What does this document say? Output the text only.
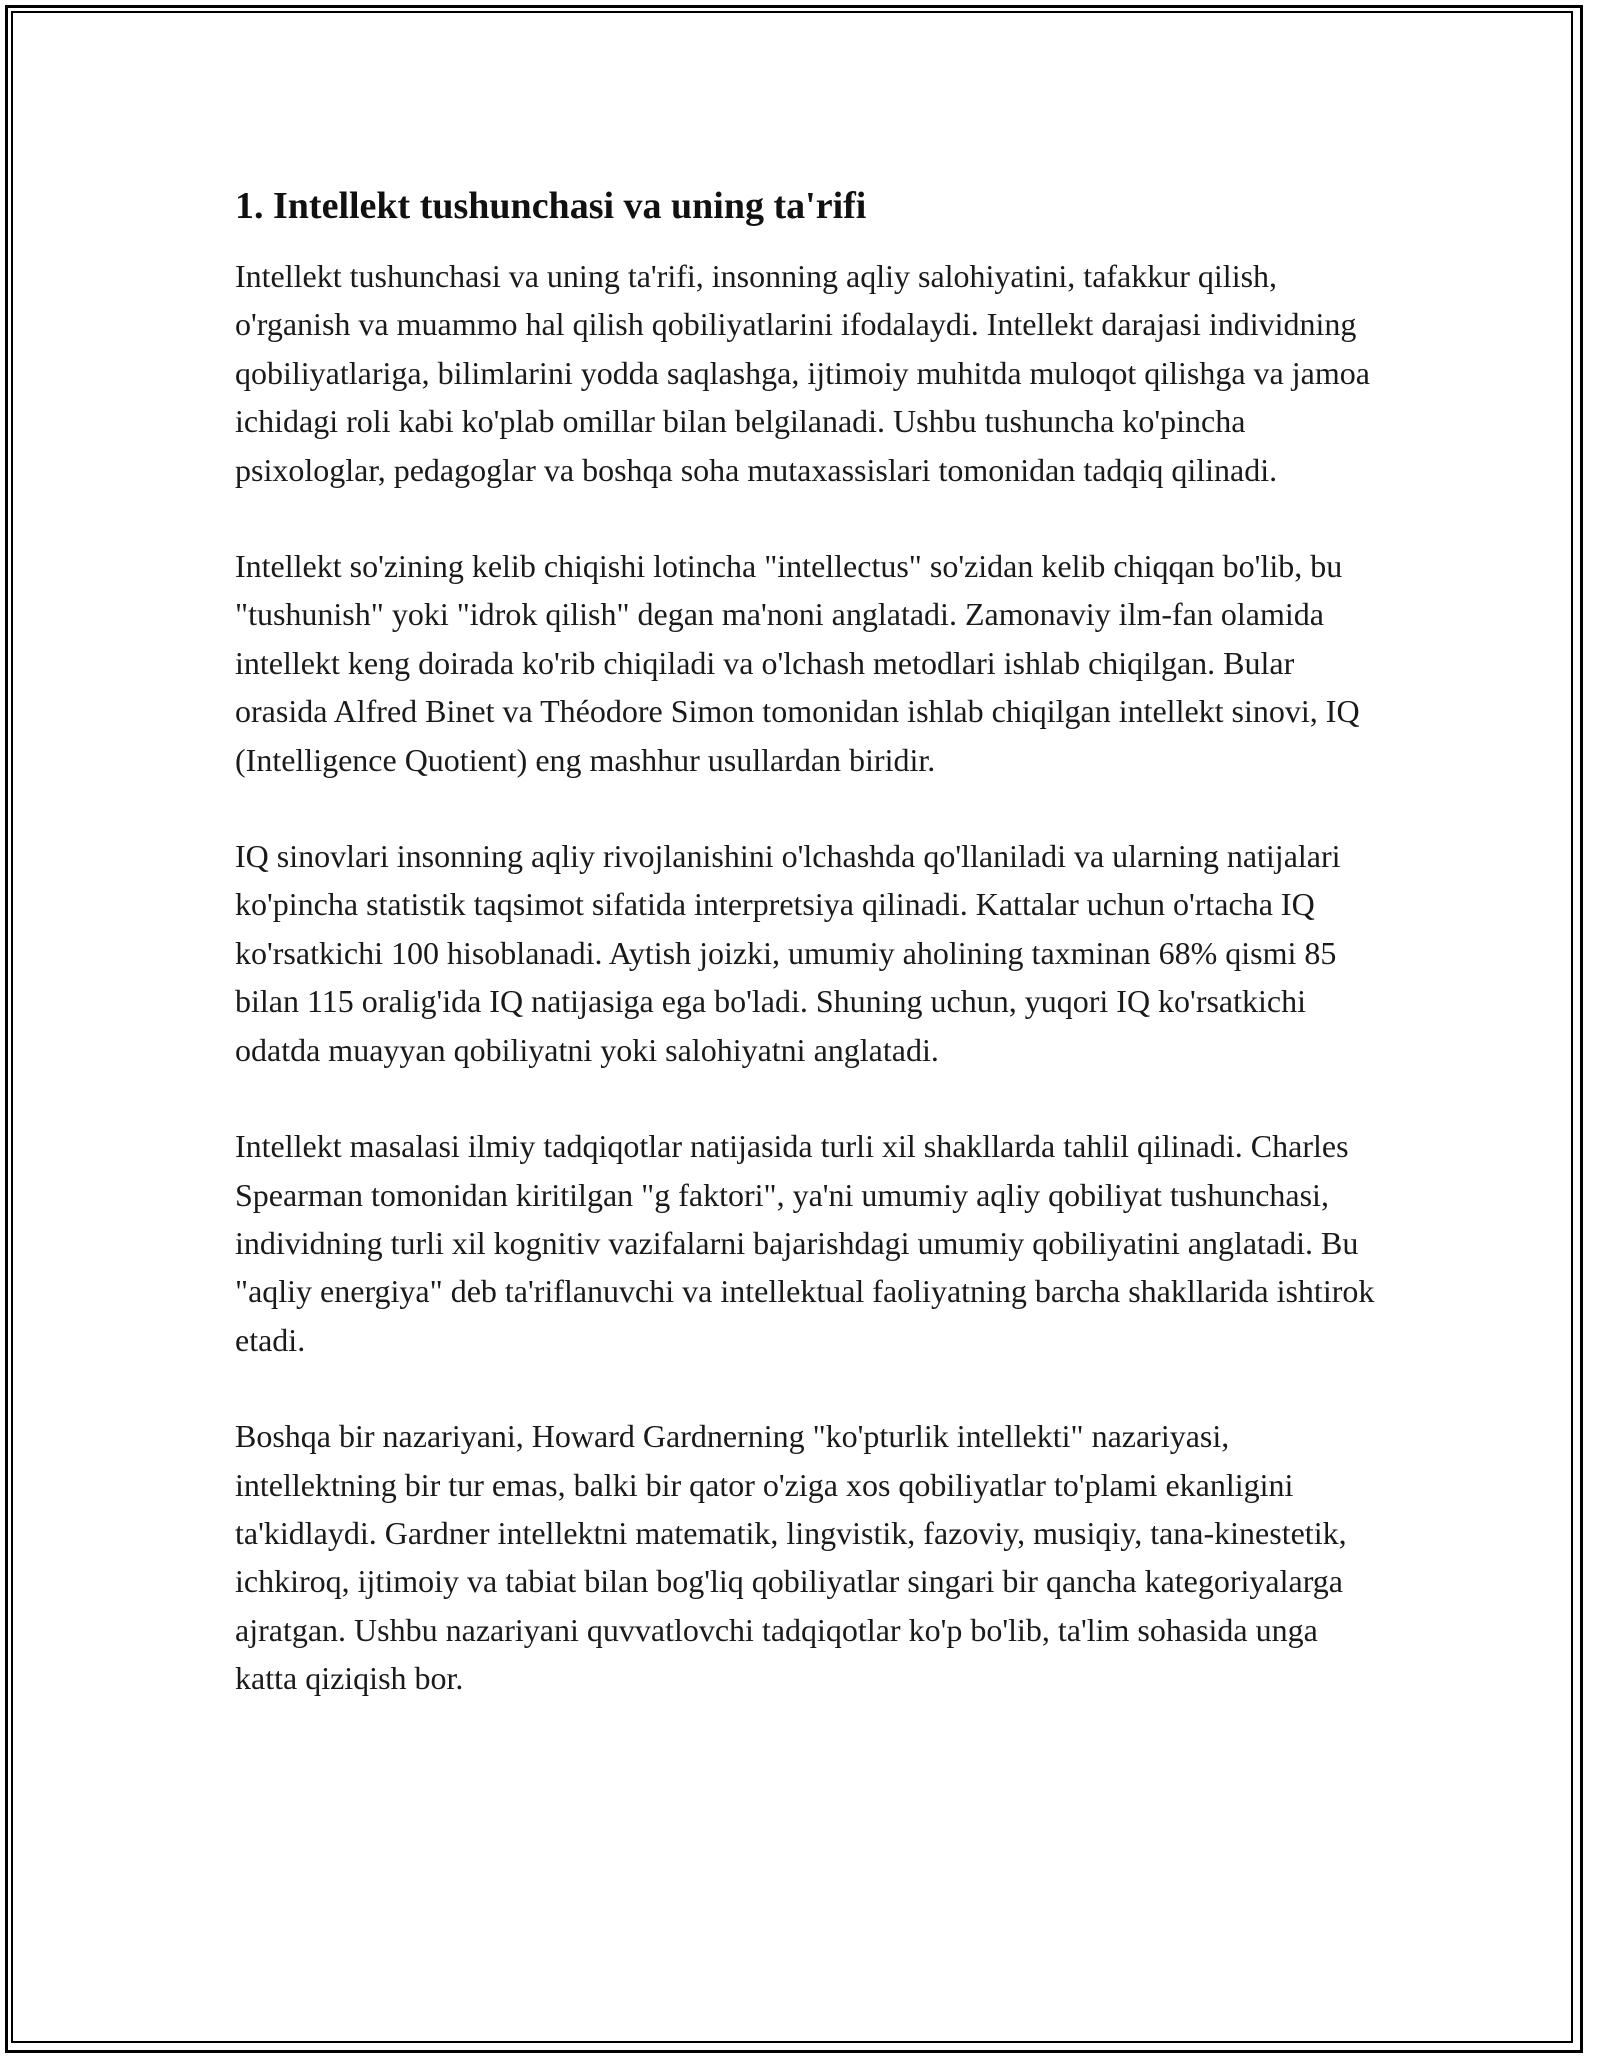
1. Intellekt tushunchasi va uning ta'rifi

Intellekt tushunchasi va uning ta'rifi, insonning aqliy salohiyatini, tafakkur qilish, o'rganish va muammo hal qilish qobiliyatlarini ifodalaydi. Intellekt darajasi individning qobiliyatlariga, bilimlarini yodda saqlashga, ijtimoiy muhitda muloqot qilishga va jamoa ichidagi roli kabi ko'plab omillar bilan belgilanadi. Ushbu tushuncha ko'pincha psixologlar, pedagoglar va boshqa soha mutaxassislari tomonidan tadqiq qilinadi.

Intellekt so'zining kelib chiqishi lotincha "intellectus" so'zidan kelib chiqqan bo'lib, bu "tushunish" yoki "idrok qilish" degan ma'noni anglatadi. Zamonaviy ilm-fan olamida intellekt keng doirada ko'rib chiqiladi va o'lchash metodlari ishlab chiqilgan. Bular orasida Alfred Binet va Théodore Simon tomonidan ishlab chiqilgan intellekt sinovi, IQ (Intelligence Quotient) eng mashhur usullardan biridir.

IQ sinovlari insonning aqliy rivojlanishini o'lchashda qo'llaniladi va ularning natijalari ko'pincha statistik taqsimot sifatida interpretsiya qilinadi. Kattalar uchun o'rtacha IQ ko'rsatkichi 100 hisoblanadi. Aytish joizki, umumiy aholining taxminan 68% qismi 85 bilan 115 oralig'ida IQ natijasiga ega bo'ladi. Shuning uchun, yuqori IQ ko'rsatkichi odatda muayyan qobiliyatni yoki salohiyatni anglatadi.

Intellekt masalasi ilmiy tadqiqotlar natijasida turli xil shakllarda tahlil qilinadi. Charles Spearman tomonidan kiritilgan "g faktori", ya'ni umumiy aqliy qobiliyat tushunchasi, individning turli xil kognitiv vazifalarni bajarishdagi umumiy qobiliyatini anglatadi. Bu "aqliy energiya" deb ta'riflanuvchi va intellektual faoliyatning barcha shakllarida ishtirok etadi.

Boshqa bir nazariyani, Howard Gardnerning "ko'pturlik intellekti" nazariyasi, intellektning bir tur emas, balki bir qator o'ziga xos qobiliyatlar to'plami ekanligini ta'kidlaydi. Gardner intellektni matematik, lingvistik, fazoviy, musiqiy, tana-kinestetik, ichkiroq, ijtimoiy va tabiat bilan bog'liq qobiliyatlar singari bir qancha kategoriyalarga ajratgan. Ushbu nazariyani quvvatlovchi tadqiqotlar ko'p bo'lib, ta'lim sohasida unga katta qiziqish bor.
